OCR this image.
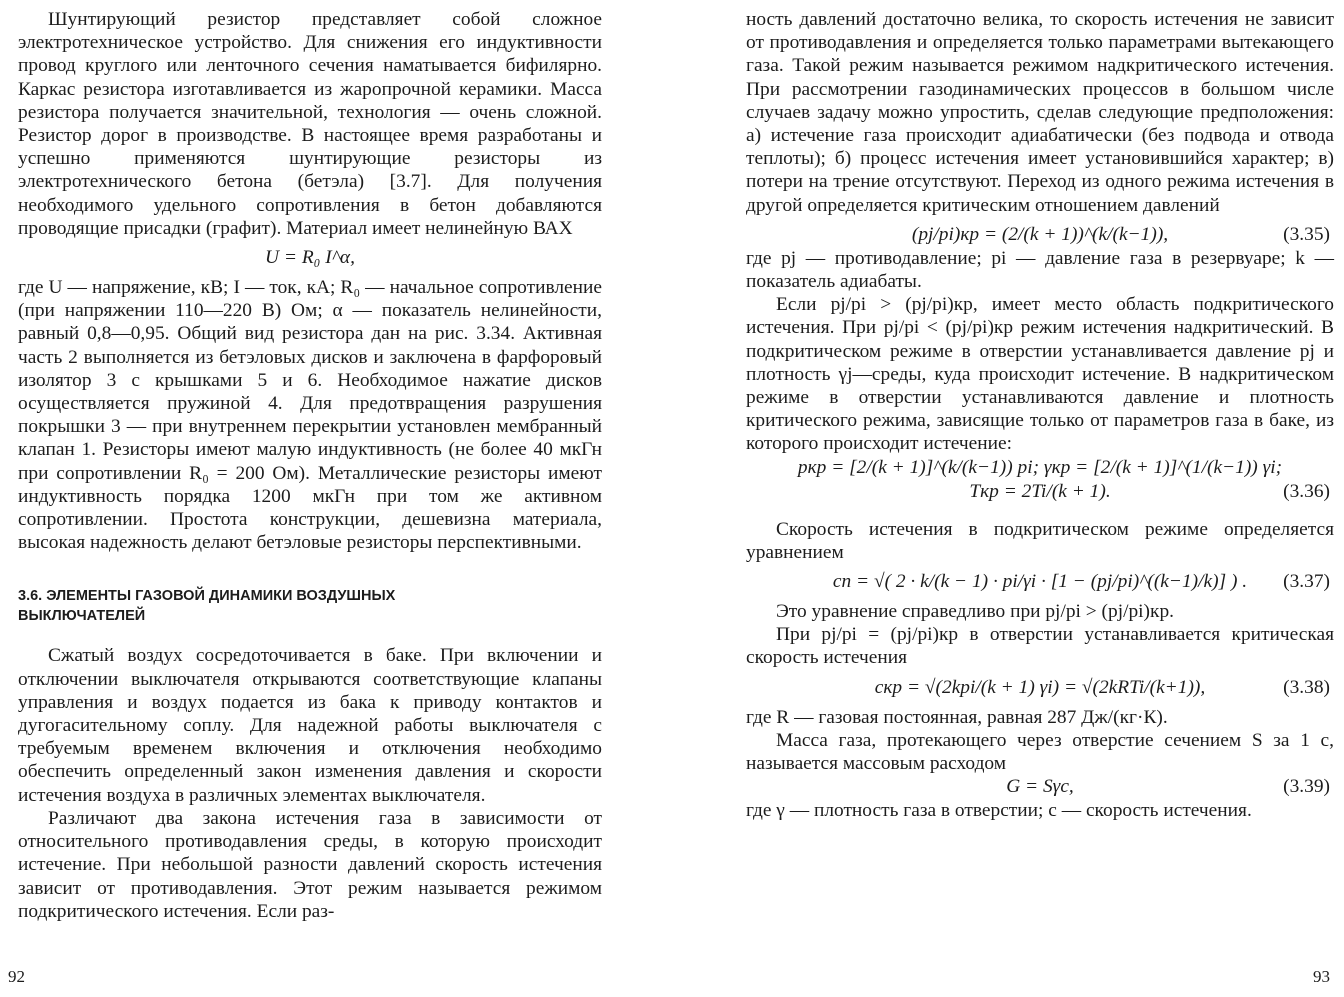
Шунтирующий резистор представляет собой сложное электротехническое устройство. Для снижения его индуктивности провод круглого или ленточного сечения наматывается бифилярно. Каркас резистора изготавливается из жаропрочной керамики. Масса резистора получается значительной, технология — очень сложной. Резистор дорог в производстве. В настоящее время разработаны и успешно применяются шунтирующие резисторы из электротехнического бетона (бетэла) [3.7]. Для получения необходимого удельного сопротивления в бетон добавляются проводящие присадки (графит). Материал имеет нелинейную ВАХ

U = R₀ I^α,

где U — напряжение, кВ; I — ток, кА; R₀ — начальное сопротивление (при напряжении 110—220 В) Ом; α — показатель нелинейности, равный 0,8—0,95. Общий вид резистора дан на рис. 3.34. Активная часть 2 выполняется из бетэловых дисков и заключена в фарфоровый изолятор 3 с крышками 5 и 6. Необходимое нажатие дисков осуществляется пружиной 4. Для предотвращения разрушения покрышки 3 — при внутреннем перекрытии установлен мембранный клапан 1. Резисторы имеют малую индуктивность (не более 40 мкГн при сопротивлении R₀ = 200 Ом). Металлические резисторы имеют индуктивность порядка 1200 мкГн при том же активном сопротивлении. Простота конструкции, дешевизна материала, высокая надежность делают бетэловые резисторы перспективными.

3.6. ЭЛЕМЕНТЫ ГАЗОВОЙ ДИНАМИКИ ВОЗДУШНЫХ ВЫКЛЮЧАТЕЛЕЙ

Сжатый воздух сосредоточивается в баке. При включении и отключении выключателя открываются соответствующие клапаны управления и воздух подается из бака к приводу контактов и дугогасительному соплу. Для надежной работы выключателя с требуемым временем включения и отключения необходимо обеспечить определенный закон изменения давления и скорости истечения воздуха в различных элементах выключателя.

Различают два закона истечения газа в зависимости от относительного противодавления среды, в которую происходит истечение. При небольшой разности давлений скорость истечения зависит от противодавления. Этот режим называется режимом подкритического истечения. Если раз-

ность давлений достаточно велика, то скорость истечения не зависит от противодавления и определяется только параметрами вытекающего газа. Такой режим называется режимом надкритического истечения. При рассмотрении газодинамических процессов в большом числе случаев задачу можно упростить, сделав следующие предположения: а) истечение газа происходит адиабатически (без подвода и отвода теплоты); б) процесс истечения имеет установившийся характер; в) потери на трение отсутствуют. Переход из одного режима истечения в другой определяется критическим отношением давлений

(pj/pi)кр = (2/(k + 1))^(k/(k−1)),	(3.35)

где pj — противодавление; pi — давление газа в резервуаре; k — показатель адиабаты.

Если pj/pi > (pj/pi)кр, имеет место область подкритического истечения. При pj/pi < (pj/pi)кр режим истечения надкритический. В подкритическом режиме в отверстии устанавливается давление pj и плотность γj—среды, куда происходит истечение. В надкритическом режиме в отверстии устанавливаются давление и плотность критического режима, зависящие только от параметров газа в баке, из которого происходит истечение:

pкр = [2/(k + 1)]^(k/(k−1)) pi; γкр = [2/(k + 1)]^(1/(k−1)) γi;
Tкр = 2Ti/(k + 1).	(3.36)

Скорость истечения в подкритическом режиме определяется уравнением

cп = √( 2 · k/(k − 1) · pi/γi · [1 − (pj/pi)^((k−1)/k)] ) . (3.37)

Это уравнение справедливо при pj/pi > (pj/pi)кр.

При pj/pi = (pj/pi)кр в отверстии устанавливается критическая скорость истечения

cкр = √(2kpi/(k + 1) γi) = √(2kRTi/(k+1)),	(3.38)

где R — газовая постоянная, равная 287 Дж/(кг·К).

Масса газа, протекающего через отверстие сечением S за 1 с, называется массовым расходом

G = Sγc,	(3.39)

где γ — плотность газа в отверстии; c — скорость истечения.

92	93
